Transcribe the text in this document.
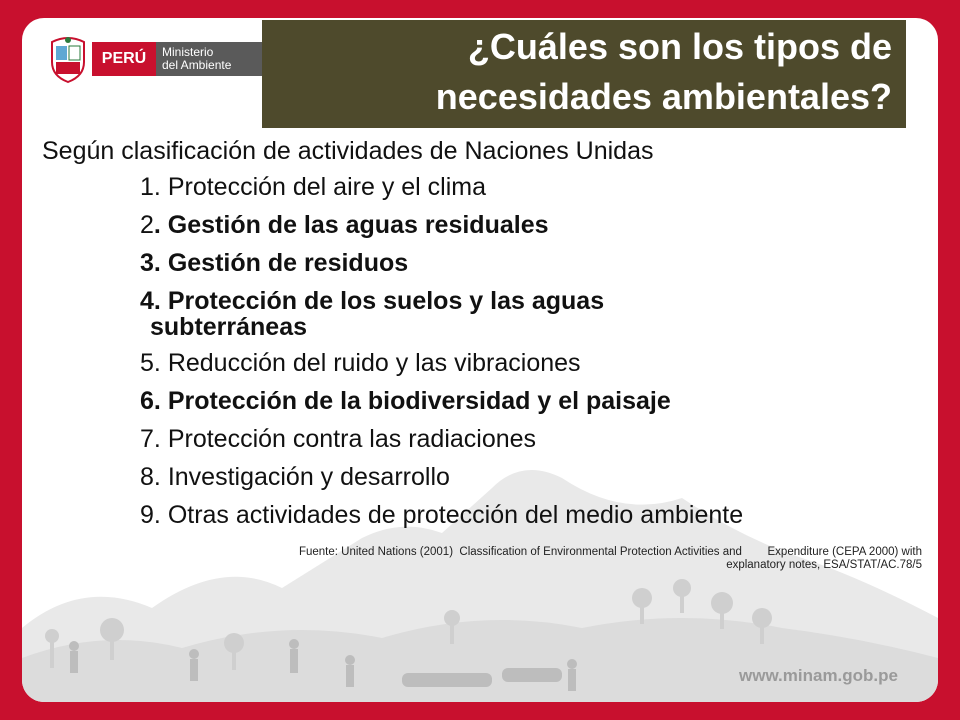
PERÚ	Ministerio
del Ambiente	¿Cuáles son los tipos de
necesidades ambientales?
Según clasificación de actividades de Naciones Unidas
1. Protección del aire y el clima
2. Gestión de las aguas residuales
3. Gestión de residuos
4. Protección de los suelos y las aguas
subterráneas
5. Reducción del ruido y las vibraciones
6. Protección de la biodiversidad y el paisaje
7. Protección contra las radiaciones
8. Investigación y desarrollo
9. Otras actividades de protección del medio ambiente
Fuente: United Nations (2001)  Classification of Environmental Protection Activities and        Expenditure (CEPA 2000) with
explanatory notes, ESA/STAT/AC.78/5
www.minam.gob.pe
